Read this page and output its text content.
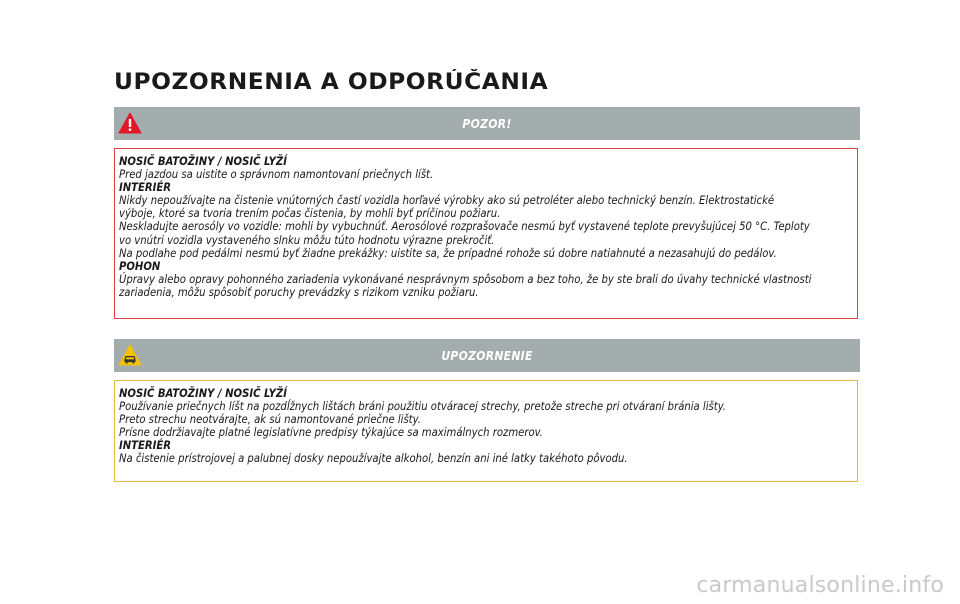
UPOZORNENIA A ODPORÚČANIA
POZOR!
NOSIČ BATOŽINY / NOSIČ LYŽÍ
Pred jazdou sa uistite o správnom namontovaní priečnych líšt.
INTERIÉR
Nikdy nepoužívajte na čistenie vnútorných častí vozidla horľavé výrobky ako sú petroléter alebo technický benzín. Elektrostatické
výboje, ktoré sa tvoria trením počas čistenia, by mohli byť príčinou požiaru.
Neskladujte aerosóly vo vozidle: mohli by vybuchnúť. Aerosólové rozprašovače nesmú byť vystavené teplote prevyšujúcej 50 °C. Teploty
vo vnútri vozidla vystaveného slnku môžu túto hodnotu výrazne prekročiť.
Na podlahe pod pedálmi nesmú byť žiadne prekážky: uistite sa, že prípadné rohože sú dobre natiahnuté a nezasahujú do pedálov.
POHON
Úpravy alebo opravy pohonného zariadenia vykonávané nesprávnym spôsobom a bez toho, že by ste brali do úvahy technické vlastnosti
zariadenia, môžu spôsobiť poruchy prevádzky s rizikom vzniku požiaru.
UPOZORNENIE
NOSIČ BATOŽINY / NOSIČ LYŽÍ
Používanie priečnych líšt na pozdĺžnych lištách bráni použitiu otváracej strechy, pretože streche pri otváraní bránia lišty.
Preto strechu neotvárajte, ak sú namontované priečne lišty.
Prísne dodržiavajte platné legislatívne predpisy týkajúce sa maximálnych rozmerov.
INTERIÉR
Na čistenie prístrojovej a palubnej dosky nepoužívajte alkohol, benzín ani iné latky takéhoto pôvodu.
carmanualsonline.info
